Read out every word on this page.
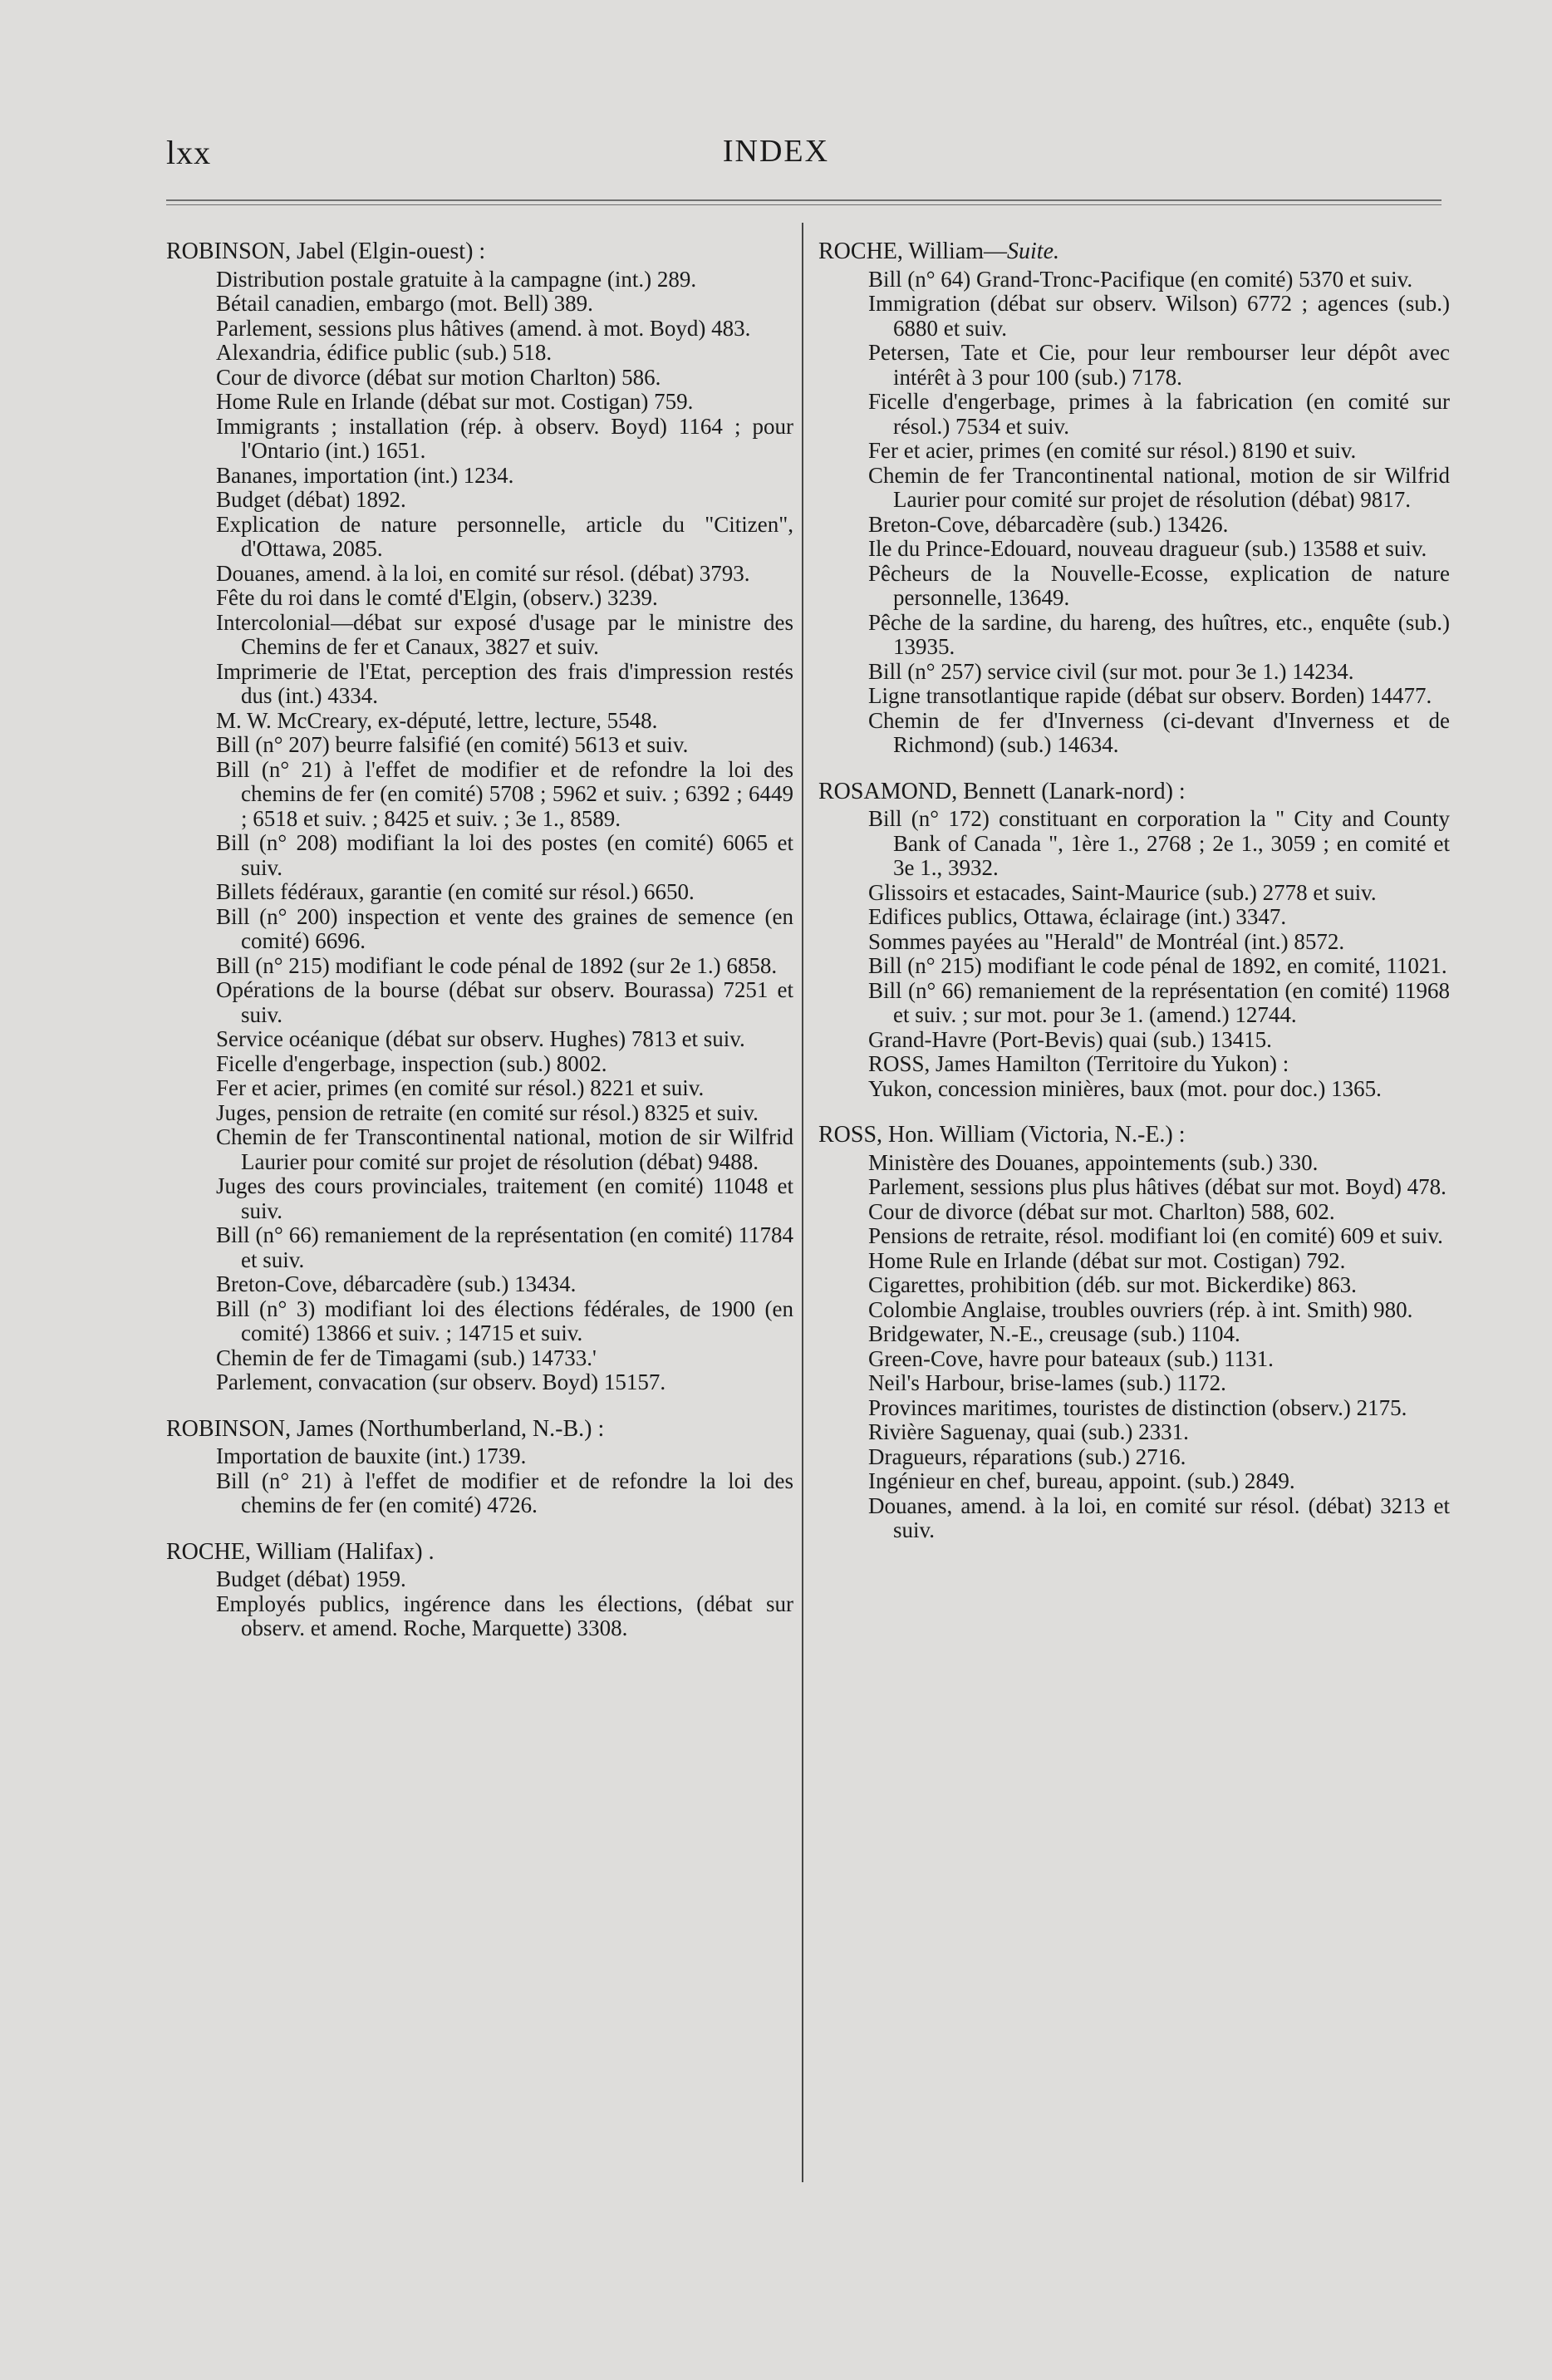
lxx	INDEX
ROBINSON, Jabel (Elgin-ouest) :
Distribution postale gratuite à la campagne (int.) 289.
Bétail canadien, embargo (mot. Bell) 389.
Parlement, sessions plus hâtives (amend. à mot. Boyd) 483.
Alexandria, édifice public (sub.) 518.
Cour de divorce (débat sur motion Charlton) 586.
Home Rule en Irlande (débat sur mot. Costigan) 759.
Immigrants ; installation (rép. à observ. Boyd) 1164 ; pour l'Ontario (int.) 1651.
Bananes, importation (int.) 1234.
Budget (débat) 1892.
Explication de nature personnelle, article du "Citizen", d'Ottawa, 2085.
Douanes, amend. à la loi, en comité sur résol. (débat) 3793.
Fête du roi dans le comté d'Elgin, (observ.) 3239.
Intercolonial—débat sur exposé d'usage par le ministre des Chemins de fer et Canaux, 3827 et suiv.
Imprimerie de l'Etat, perception des frais d'impression restés dus (int.) 4334.
M. W. McCreary, ex-député, lettre, lecture, 5548.
Bill (n° 207) beurre falsifié (en comité) 5613 et suiv.
Bill (n° 21) à l'effet de modifier et de refondre la loi des chemins de fer (en comité) 5708 ; 5962 et suiv. ; 6392 ; 6449 ; 6518 et suiv. ; 8425 et suiv. ; 3e 1., 8589.
Bill (n° 208) modifiant la loi des postes (en comité) 6065 et suiv.
Billets fédéraux, garantie (en comité sur résol.) 6650.
Bill (n° 200) inspection et vente des graines de semence (en comité) 6696.
Bill (n° 215) modifiant le code pénal de 1892 (sur 2e 1.) 6858.
Opérations de la bourse (débat sur observ. Bourassa) 7251 et suiv.
Service océanique (débat sur observ. Hughes) 7813 et suiv.
Ficelle d'engerbage, inspection (sub.) 8002.
Fer et acier, primes (en comité sur résol.) 8221 et suiv.
Juges, pension de retraite (en comité sur résol.) 8325 et suiv.
Chemin de fer Transcontinental national, motion de sir Wilfrid Laurier pour comité sur projet de résolution (débat) 9488.
Juges des cours provinciales, traitement (en comité) 11048 et suiv.
Bill (n° 66) remaniement de la représentation (en comité) 11784 et suiv.
Breton-Cove, débarcadère (sub.) 13434.
Bill (n° 3) modifiant loi des élections fédérales, de 1900 (en comité) 13866 et suiv. ; 14715 et suiv.
Chemin de fer de Timagami (sub.) 14733.'
Parlement, convacation (sur observ. Boyd) 15157.
ROBINSON, James (Northumberland, N.-B.) :
Importation de bauxite (int.) 1739.
Bill (n° 21) à l'effet de modifier et de refondre la loi des chemins de fer (en comité) 4726.
ROCHE, William (Halifax) .
Budget (débat) 1959.
Employés publics, ingérence dans les élections, (débat sur observ. et amend. Roche, Marquette) 3308.
ROCHE, William—Suite.
Bill (n° 64) Grand-Tronc-Pacifique (en comité) 5370 et suiv.
Immigration (débat sur observ. Wilson) 6772 ; agences (sub.) 6880 et suiv.
Petersen, Tate et Cie, pour leur rembourser leur dépôt avec intérêt à 3 pour 100 (sub.) 7178.
Ficelle d'engerbage, primes à la fabrication (en comité sur résol.) 7534 et suiv.
Fer et acier, primes (en comité sur résol.) 8190 et suiv.
Chemin de fer Trancontinental national, motion de sir Wilfrid Laurier pour comité sur projet de résolution (débat) 9817.
Breton-Cove, débarcadère (sub.) 13426.
Ile du Prince-Edouard, nouveau dragueur (sub.) 13588 et suiv.
Pêcheurs de la Nouvelle-Ecosse, explication de nature personnelle, 13649.
Pêche de la sardine, du hareng, des huîtres, etc., enquête (sub.) 13935.
Bill (n° 257) service civil (sur mot. pour 3e 1.) 14234.
Ligne transotlantique rapide (débat sur observ. Borden) 14477.
Chemin de fer d'Inverness (ci-devant d'Inverness et de Richmond) (sub.) 14634.
ROSAMOND, Bennett (Lanark-nord) :
Bill (n° 172) constituant en corporation la " City and County Bank of Canada ", 1ère 1., 2768 ; 2e 1., 3059 ; en comité et 3e 1., 3932.
Glissoirs et estacades, Saint-Maurice (sub.) 2778 et suiv.
Edifices publics, Ottawa, éclairage (int.) 3347.
Sommes payées au "Herald" de Montréal (int.) 8572.
Bill (n° 215) modifiant le code pénal de 1892, en comité, 11021.
Bill (n° 66) remaniement de la représentation (en comité) 11968 et suiv. ; sur mot. pour 3e 1. (amend.) 12744.
Grand-Havre (Port-Bevis) quai (sub.) 13415.
ROSS, James Hamilton (Territoire du Yukon) :
Yukon, concession minières, baux (mot. pour doc.) 1365.
ROSS, Hon. William (Victoria, N.-E.) :
Ministère des Douanes, appointements (sub.) 330.
Parlement, sessions plus plus hâtives (débat sur mot. Boyd) 478.
Cour de divorce (débat sur mot. Charlton) 588, 602.
Pensions de retraite, résol. modifiant loi (en comité) 609 et suiv.
Home Rule en Irlande (débat sur mot. Costigan) 792.
Cigarettes, prohibition (déb. sur mot. Bickerdike) 863.
Colombie Anglaise, troubles ouvriers (rép. à int. Smith) 980.
Bridgewater, N.-E., creusage (sub.) 1104.
Green-Cove, havre pour bateaux (sub.) 1131.
Neil's Harbour, brise-lames (sub.) 1172.
Provinces maritimes, touristes de distinction (observ.) 2175.
Rivière Saguenay, quai (sub.) 2331.
Dragueurs, réparations (sub.) 2716.
Ingénieur en chef, bureau, appoint. (sub.) 2849.
Douanes, amend. à la loi, en comité sur résol. (débat) 3213 et suiv.
